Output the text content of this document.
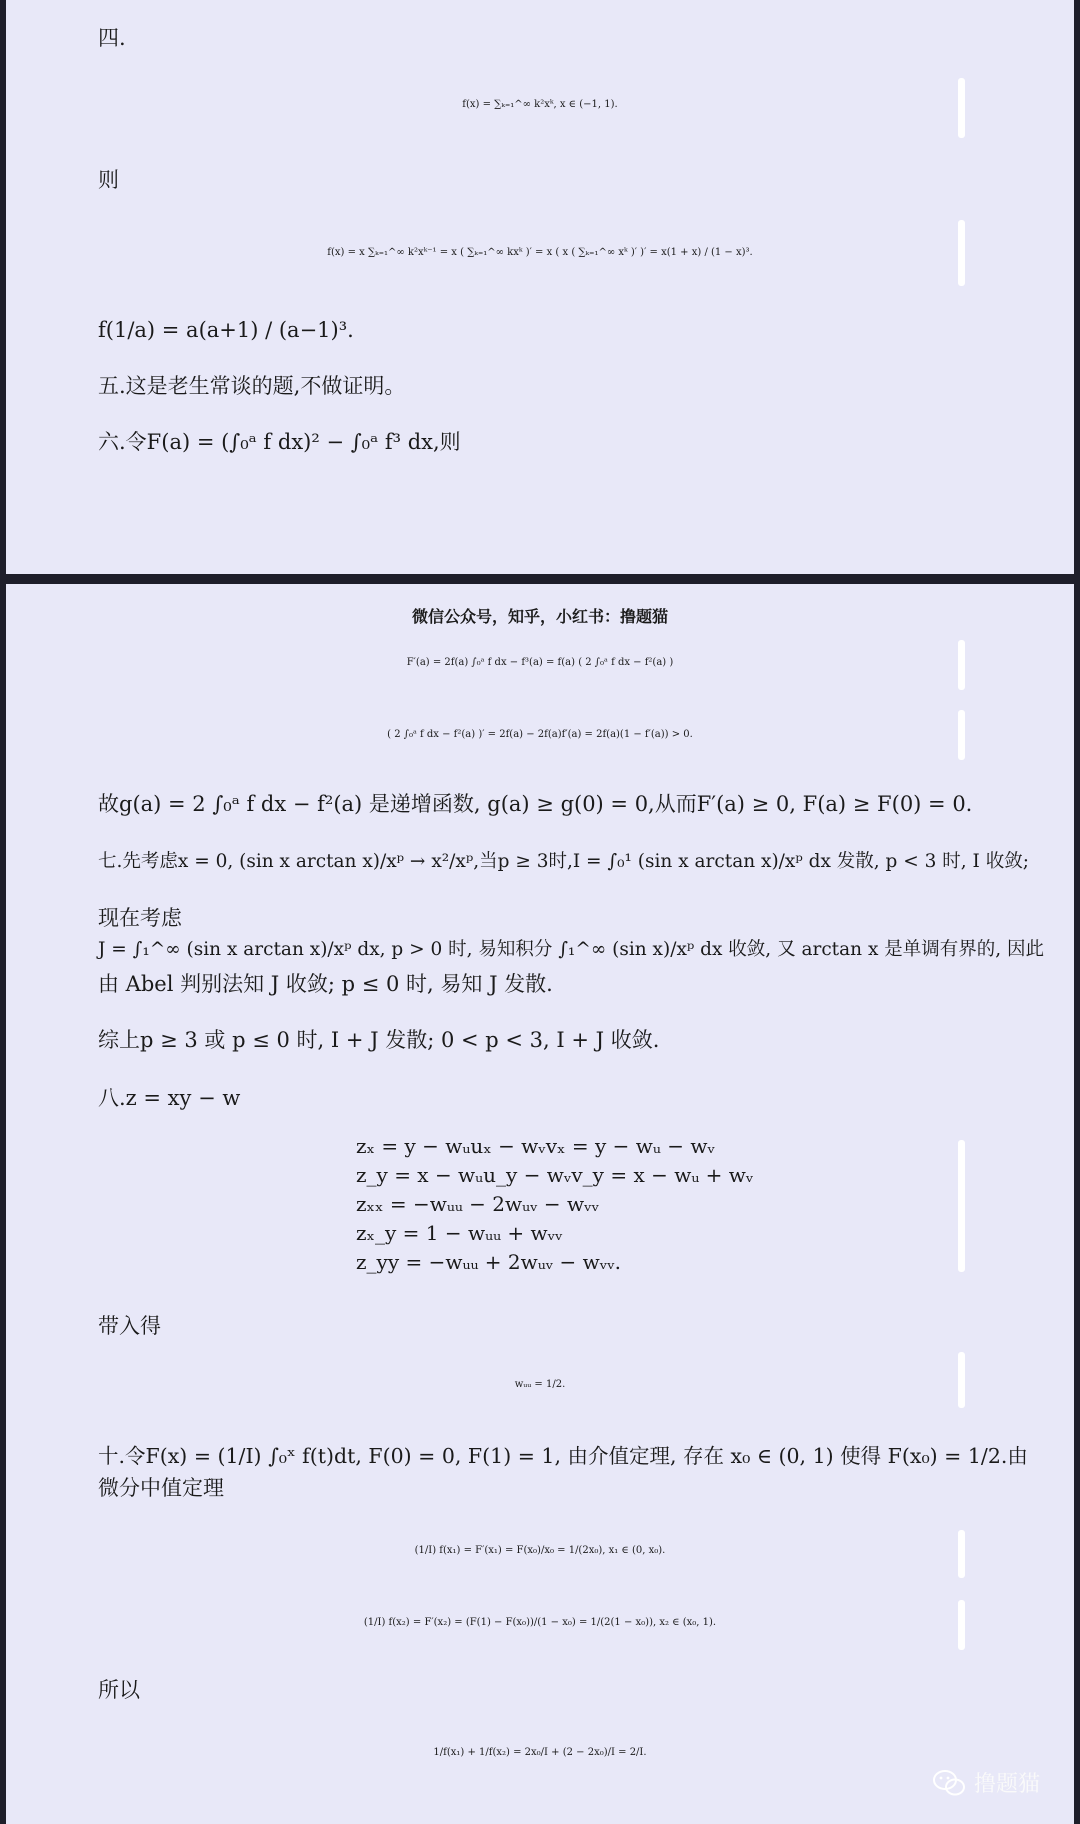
四.
f(x) = ∑ₖ₌₁^∞ k²xᵏ, x ∈ (−1, 1).
则
f(x) = x ∑ₖ₌₁^∞ k²xᵏ⁻¹ = x ( ∑ₖ₌₁^∞ kxᵏ )′ = x ( x ( ∑ₖ₌₁^∞ xᵏ )′ )′ = x(1 + x) / (1 − x)³.
f(1/a) = a(a+1) / (a−1)³.
五.这是老生常谈的题,不做证明。
六.令F(a) = (∫₀ᵃ f dx)² − ∫₀ᵃ f³ dx,则
微信公众号，知乎，小红书：撸题猫
F′(a) = 2f(a) ∫₀ᵃ f dx − f³(a) = f(a) ( 2 ∫₀ᵃ f dx − f²(a) )
( 2 ∫₀ᵃ f dx − f²(a) )′ = 2f(a) − 2f(a)f′(a) = 2f(a)(1 − f′(a)) > 0.
故g(a) = 2 ∫₀ᵃ f dx − f²(a) 是递增函数, g(a) ≥ g(0) = 0,从而F′(a) ≥ 0, F(a) ≥ F(0) = 0.
七.先考虑x = 0, (sin x arctan x)/xᵖ → x²/xᵖ,当p ≥ 3时,I = ∫₀¹ (sin x arctan x)/xᵖ dx 发散, p < 3 时, I 收敛;
现在考虑
J = ∫₁^∞ (sin x arctan x)/xᵖ dx, p > 0 时, 易知积分 ∫₁^∞ (sin x)/xᵖ dx 收敛, 又 arctan x 是单调有界的, 因此
由 Abel 判别法知 J 收敛; p ≤ 0 时, 易知 J 发散.
综上p ≥ 3 或 p ≤ 0 时, I + J 发散; 0 < p < 3, I + J 收敛.
八.z = xy − w
zₓ = y − wᵤuₓ − wᵥvₓ = y − wᵤ − wᵥ
z_y = x − wᵤu_y − wᵥv_y = x − wᵤ + wᵥ
zₓₓ = −wᵤᵤ − 2wᵤᵥ − wᵥᵥ
zₓ_y = 1 − wᵤᵤ + wᵥᵥ
z_yy = −wᵤᵤ + 2wᵤᵥ − wᵥᵥ.
带入得
wᵤᵤ = 1/2.
十.令F(x) = (1/I) ∫₀ˣ f(t)dt, F(0) = 0, F(1) = 1, 由介值定理, 存在 x₀ ∈ (0, 1) 使得 F(x₀) = 1/2.由
微分中值定理
(1/I) f(x₁) = F′(x₁) = F(x₀)/x₀ = 1/(2x₀), x₁ ∈ (0, x₀).
(1/I) f(x₂) = F′(x₂) = (F(1) − F(x₀))/(1 − x₀) = 1/(2(1 − x₀)), x₂ ∈ (x₀, 1).
所以
1/f(x₁) + 1/f(x₂) = 2x₀/I + (2 − 2x₀)/I = 2/I.
撸题猫
